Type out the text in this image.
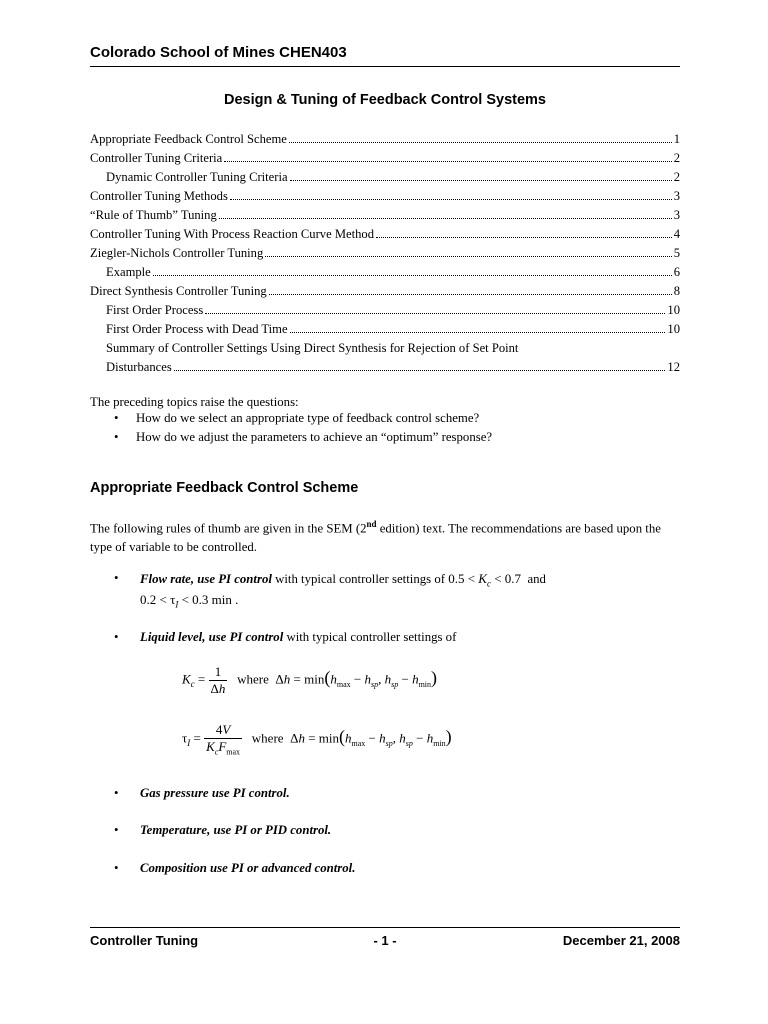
Colorado School of Mines CHEN403
Design & Tuning of Feedback Control Systems
Appropriate Feedback Control Scheme	1
Controller Tuning Criteria	2
Dynamic Controller Tuning Criteria	2
Controller Tuning Methods	3
“Rule of Thumb” Tuning	3
Controller Tuning With Process Reaction Curve Method	4
Ziegler-Nichols Controller Tuning	5
Example	6
Direct Synthesis Controller Tuning	8
First Order Process	10
First Order Process with Dead Time	10
Summary of Controller Settings Using Direct Synthesis for Rejection of Set Point
Disturbances	12
The preceding topics raise the questions:
• How do we select an appropriate type of feedback control scheme?
• How do we adjust the parameters to achieve an “optimum” response?
Appropriate Feedback Control Scheme
The following rules of thumb are given in the SEM (2nd edition) text. The recommendations are based upon the type of variable to be controlled.
• Flow rate, use PI control with typical controller settings of $0.5 < K_c < 0.7$ and
$0.2 < \tau_I < 0.3$ min .
• Liquid level, use PI control with typical controller settings of
$K_c = \frac{1}{\Delta h}$ where  $\Delta h = \min(h_{max} - h_{sp}$, $h_{sp} - h_{min}$)
$\tau_I = \frac{4V}{K_cF_{max}}$ where  $\Delta h = \min(h_{max} - h_{sp}$, $h_{sp} - h_{min}$)
• Gas pressure use PI control.
• Temperature, use PI or PID control.
• Composition use PI or advanced control.
Controller Tuning	- 1 -	December 21, 2008
